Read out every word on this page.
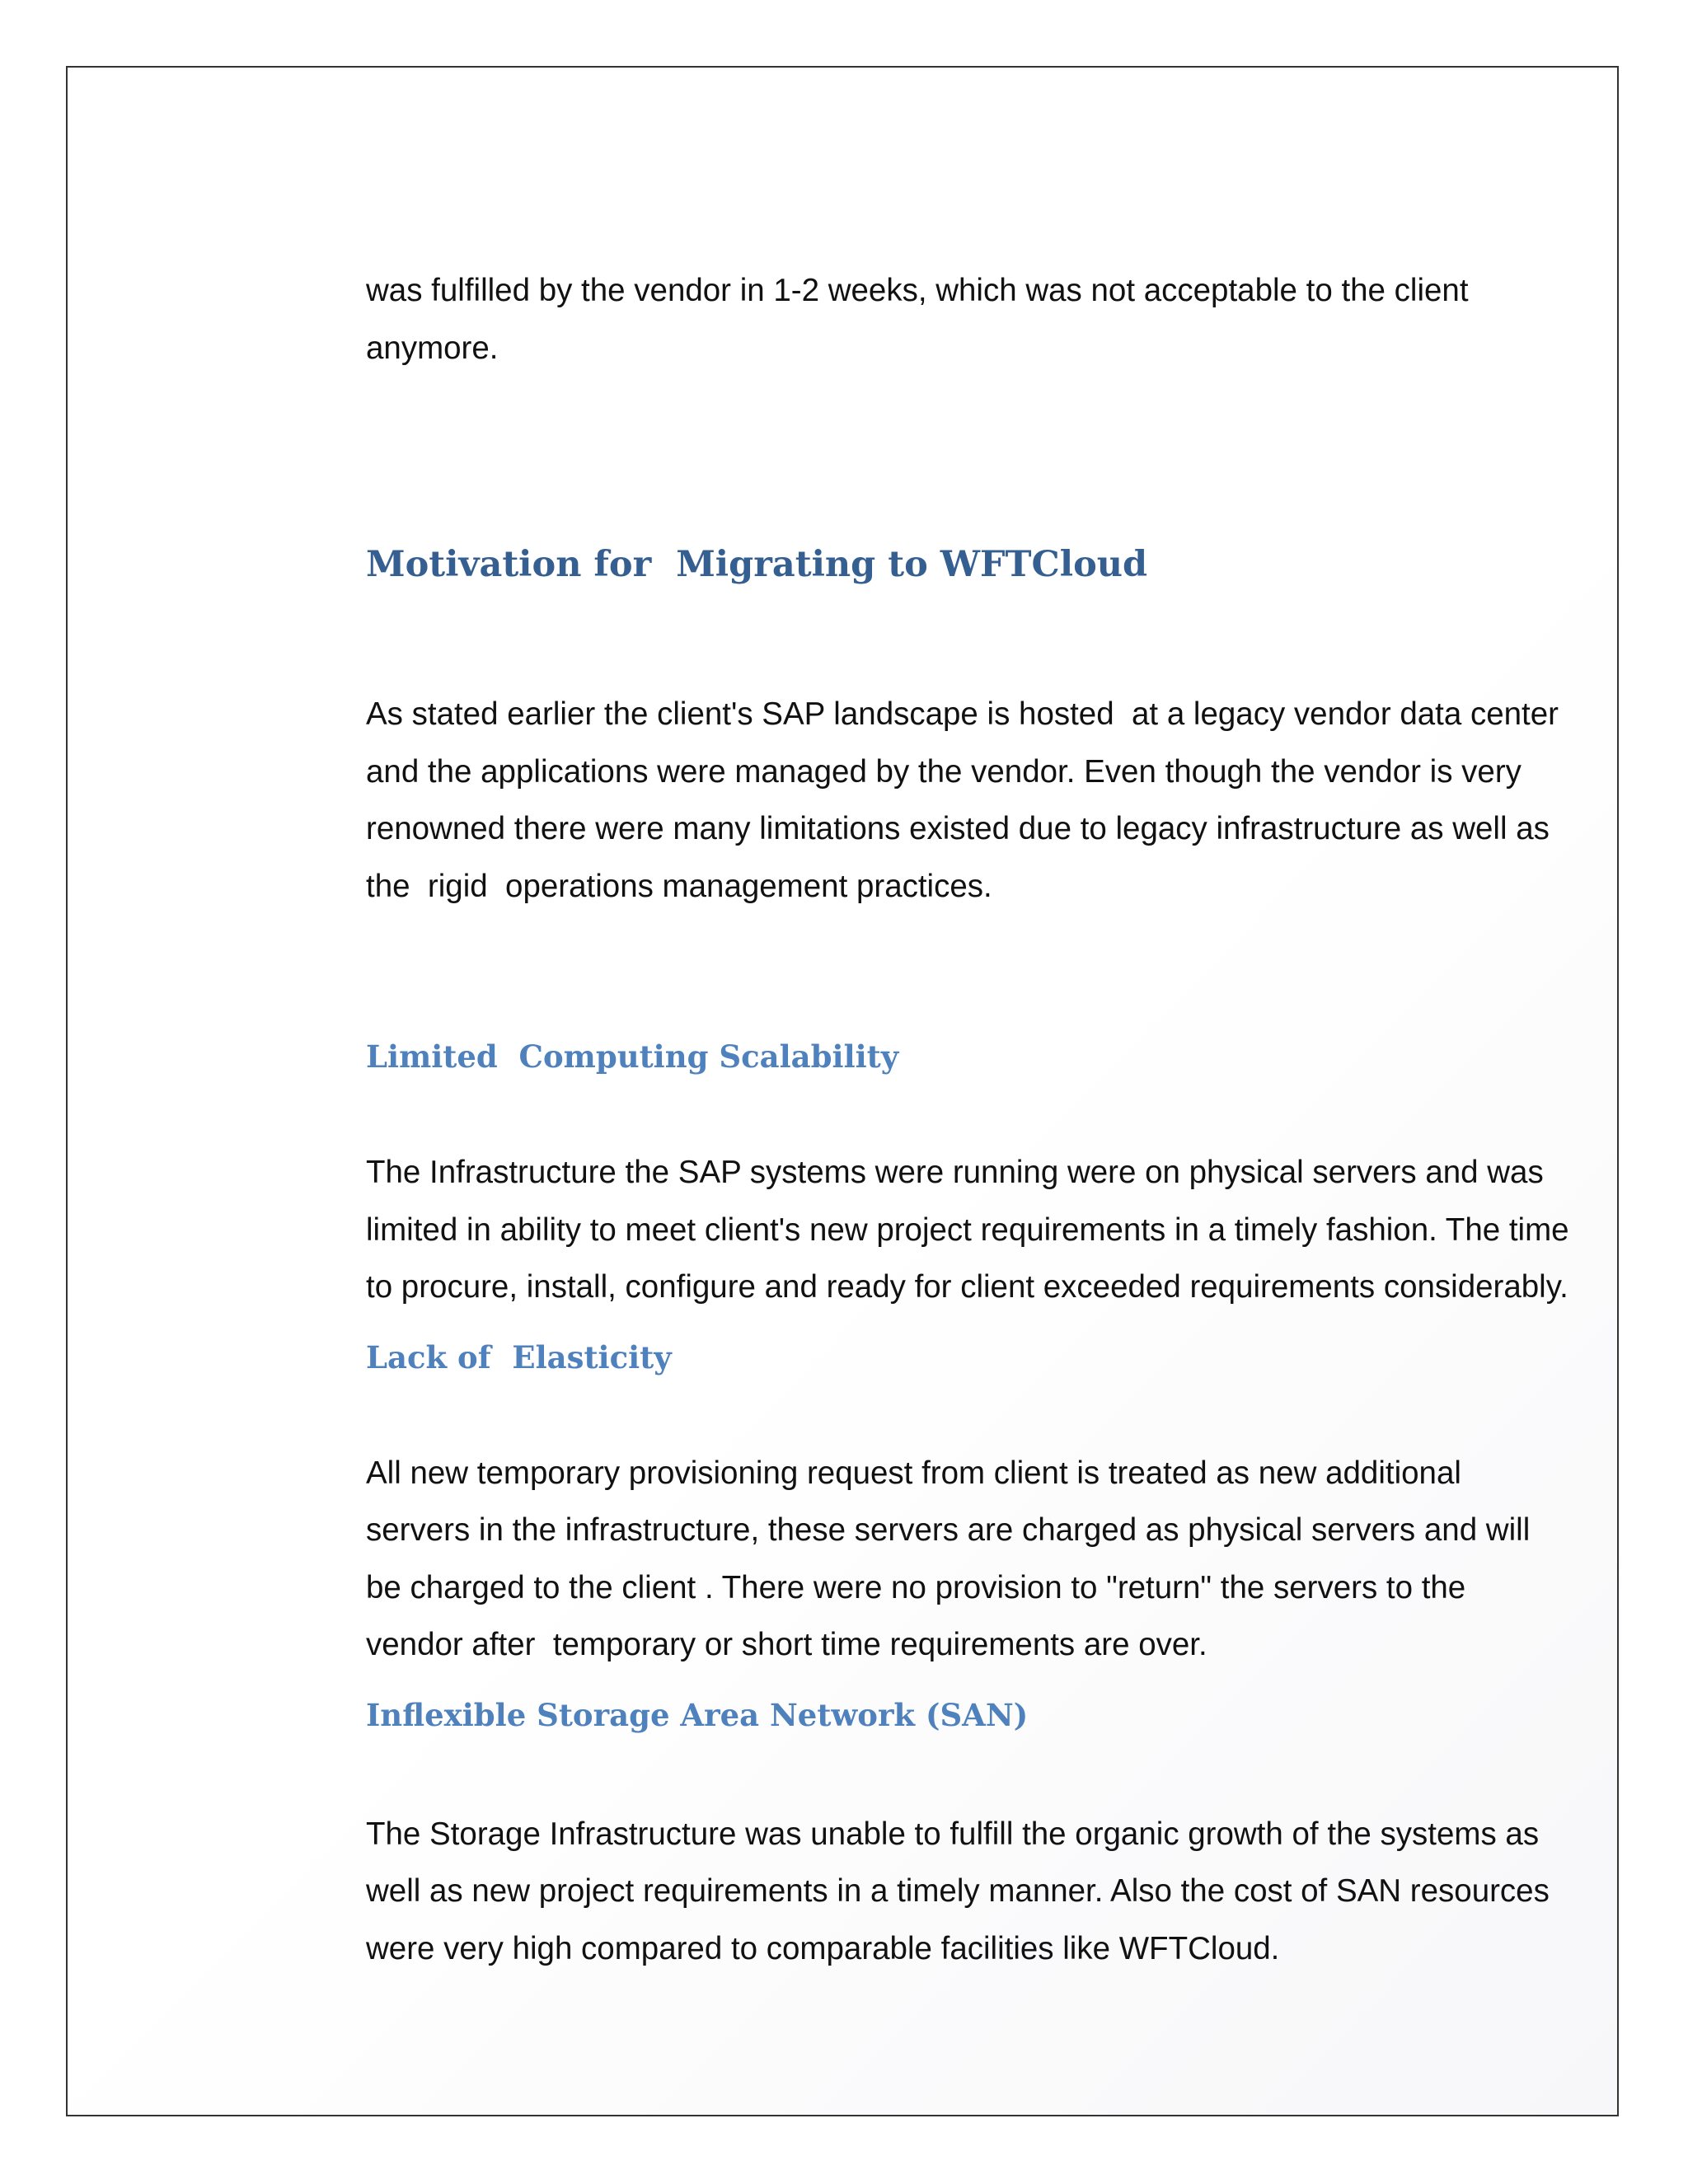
was fulfilled by the vendor in 1-2 weeks, which was not acceptable to the client anymore.

Motivation for  Migrating to WFTCloud

As stated earlier the client's SAP landscape is hosted  at a legacy vendor data center and the applications were managed by the vendor. Even though the vendor is very renowned there were many limitations existed due to legacy infrastructure as well as the  rigid  operations management practices.

Limited  Computing Scalability

The Infrastructure the SAP systems were running were on physical servers and was limited in ability to meet client's new project requirements in a timely fashion. The time to procure, install, configure and ready for client exceeded requirements considerably.

Lack of  Elasticity

All new temporary provisioning request from client is treated as new additional servers in the infrastructure, these servers are charged as physical servers and will be charged to the client . There were no provision to "return" the servers to the vendor after  temporary or short time requirements are over.

Inflexible Storage Area Network (SAN)

The Storage Infrastructure was unable to fulfill the organic growth of the systems as well as new project requirements in a timely manner. Also the cost of SAN resources were very high compared to comparable facilities like WFTCloud.
